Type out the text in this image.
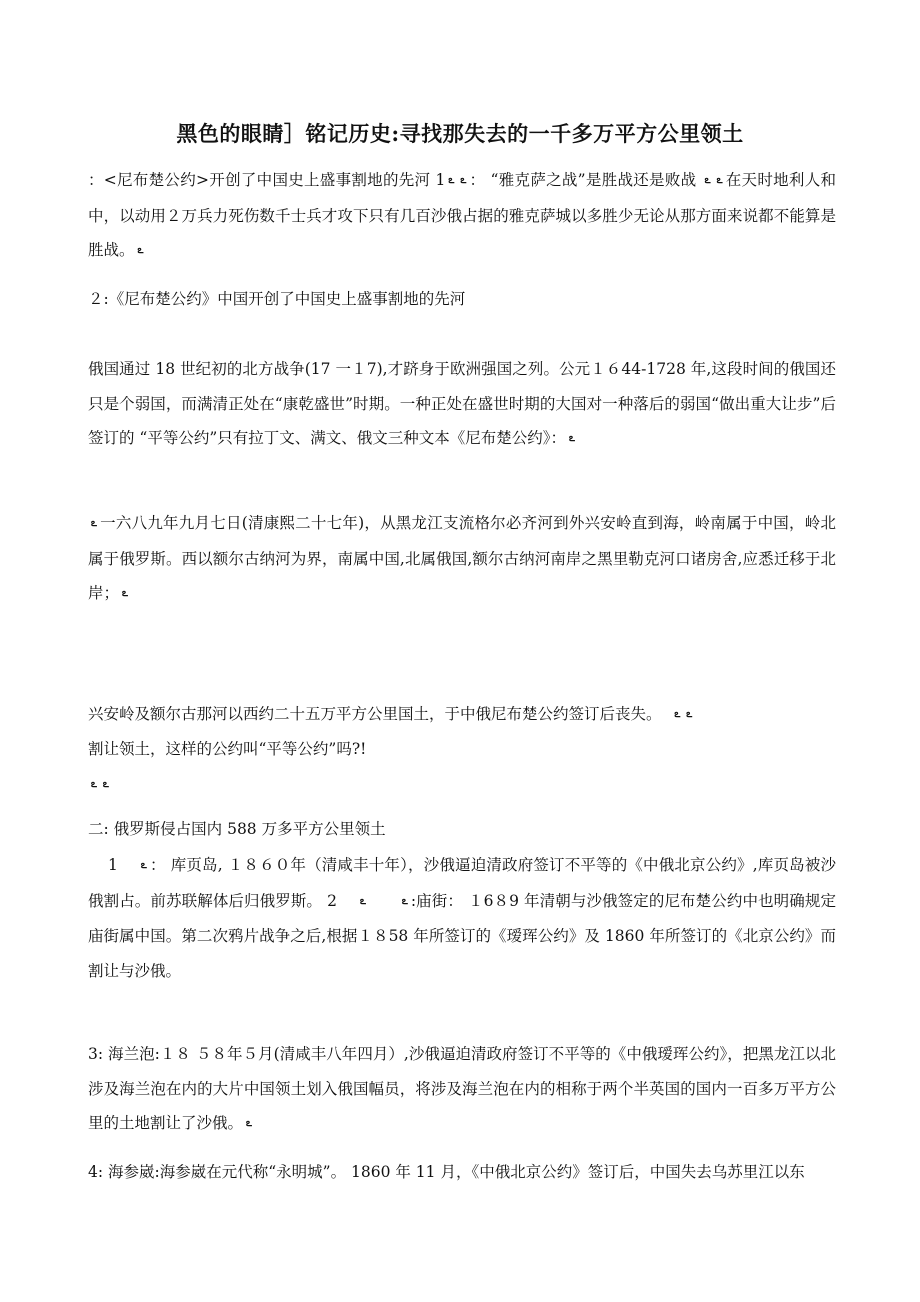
黑色的眼睛］铭记历史:寻找那失去的一千多万平方公里领土
：<尼布楚公约>开创了中国史上盛事割地的先河 1 ఽ ఽ ： “雅克萨之战”是胜战还是败战 ఽ ఽ 在天时地利人和中，以动用２万兵力死伤数千士兵才攻下只有几百沙俄占据的雅克萨城以多胜少无论从那方面来说都不能算是胜战。 ఽ
２:《尼布楚公约》中国开创了中国史上盛事割地的先河
俄国通过 18 世纪初的北方战争(17 一１7),才跻身于欧洲强国之列。公元１６44-1728 年,这段时间的俄国还只是个弱国，而满清正处在“康乾盛世”时期。一种正处在盛世时期的大国对一种落后的弱国“做出重大让步”后签订的 “平等公约”只有拉丁文、满文、俄文三种文本《尼布楚公约》： ఽ
ఽ 一六八九年九月七日(清康熙二十七年)，从黑龙江支流格尔必齐河到外兴安岭直到海，岭南属于中国，岭北属于俄罗斯。西以额尔古纳河为界，南属中国,北属俄国,额尔古纳河南岸之黑里勒克河口诸房舍,应悉迁移于北岸； ఽ
兴安岭及额尔古那河以西约二十五万平方公里国土，于中俄尼布楚公约签订后丧失。 ఽ ఽ
割让领土，这样的公约叫“平等公约”吗?!
ఽ ఽ
二: 俄罗斯侵占国内 588 万多平方公里领土
1 ఽ ： 库页岛, １８６０年（清咸丰十年），沙俄逼迫清政府签订不平等的《中俄北京公约》,库页岛被沙俄割占。前苏联解体后归俄罗斯。 2 ఽ	ఽ :庙街： １6８9 年清朝与沙俄签定的尼布楚公约中也明确规定庙街属中国。第二次鸦片战争之后,根据１８58 年所签订的《瑷珲公约》及 1860 年所签订的《北京公约》而割让与沙俄。
3: 海兰泡:１８ ５８年５月(清咸丰八年四月）,沙俄逼迫清政府签订不平等的《中俄瑷珲公约》，把黑龙江以北涉及海兰泡在内的大片中国领土划入俄国幅员，将涉及海兰泡在内的相称于两个半英国的国内一百多万平方公里的土地割让了沙俄。 ఽ
4: 海参崴:海参崴在元代称“永明城”。 1860 年 11 月，《中俄北京公约》签订后，中国失去乌苏里江以东
